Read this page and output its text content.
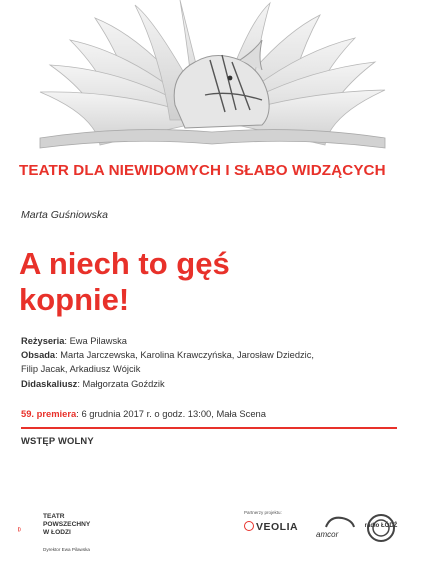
TEATR DLA NIEWIDOMYCH I SŁABO WIDZĄCYCH
Marta Guśniowska
A niech to gęś
kopnie!
Reżyseria: Ewa Pilawska
Obsada: Marta Jarczewska, Karolina Krawczyńska, Jarosław Dziedzic,
Filip Jacak, Arkadiusz Wójcik
Didaskaliusz: Małgorzata Goździk
59. premiera: 6 grudnia 2017 r. o godz. 13:00, Mała Scena
WSTĘP WOLNY
TEATR
POWSZECHNY
W ŁODZI
Dyrektor Ewa Pilawska
Partnerzy projektu:
VEOLIA
amcor
radio ŁÓDŹ
